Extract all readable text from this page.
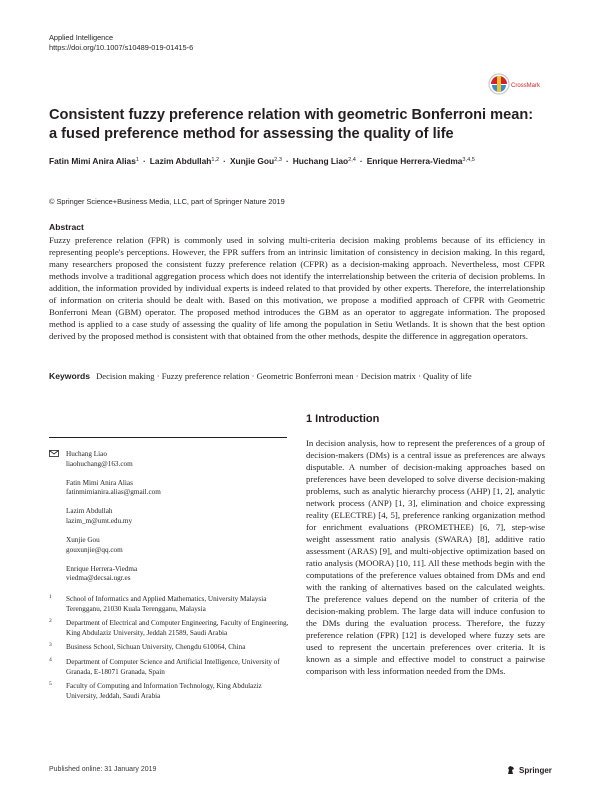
Applied Intelligence
https://doi.org/10.1007/s10489-019-01415-6
CrossMark
Consistent fuzzy preference relation with geometric Bonferroni mean:
a fused preference method for assessing the quality of life
Fatin Mimi Anira Alias$^1$ · Lazim Abdullah$^{1,2}$ · Xunjie Gou$^{2,3}$ · Huchang Liao$^{2,4}$ · Enrique Herrera-Viedma$^{3,4,5}$
© Springer Science+Business Media, LLC, part of Springer Nature 2019
Abstract
Fuzzy preference relation (FPR) is commonly used in solving multi-criteria decision making problems because of its efficiency in representing people's perceptions. However, the FPR suffers from an intrinsic limitation of consistency in decision making. In this regard, many researchers proposed the consistent fuzzy preference relation (CFPR) as a decision-making approach. Nevertheless, most CFPR methods involve a traditional aggregation process which does not identify the interrelationship between the criteria of decision problems. In addition, the information provided by individual experts is indeed related to that provided by other experts. Therefore, the interrelationship of information on criteria should be dealt with. Based on this motivation, we propose a modified approach of CFPR with Geometric Bonferroni Mean (GBM) operator. The proposed method introduces the GBM as an operator to aggregate information. The proposed method is applied to a case study of assessing the quality of life among the population in Setiu Wetlands. It is shown that the best option derived by the proposed method is consistent with that obtained from the other methods, despite the difference in aggregation operators.
Keywords Decision making · Fuzzy preference relation · Geometric Bonferroni mean · Decision matrix · Quality of life
1 Introduction
In decision analysis, how to represent the preferences of a group of decision-makers (DMs) is a central issue as preferences are always disputable. A number of decision-making approaches based on preferences have been developed to solve diverse decision-making problems, such as analytic hierarchy process (AHP) [1, 2], analytic network process (ANP) [1, 3], elimination and choice expressing reality (ELECTRE) [4, 5], preference ranking organization method for enrichment evaluations (PROMETHEE) [6, 7], step-wise weight assessment ratio analysis (SWARA) [8], additive ratio assessment (ARAS) [9], and multi-objective optimization based on ratio analysis (MOORA) [10, 11]. All these methods begin with the computations of the preference values obtained from DMs and end with the ranking of alternatives based on the calculated weights. The preference values depend on the number of criteria of the decision-making problem. The large data will induce confusion to the DMs during the evaluation process. Therefore, the fuzzy preference relation (FPR) [12] is developed where fuzzy sets are used to represent the uncertain preferences over criteria. It is known as a simple and effective model to construct a pairwise comparison with less information needed from the DMs.
Huchang Liao
liaohuchang@163.com
Fatin Mimi Anira Alias
fatinmimianira.alias@gmail.com
Lazim Abdullah
lazim_m@umt.edu.my
Xunjie Gou
gouxunjie@qq.com
Enrique Herrera-Viedma
viedma@decsai.ugr.es
1	School of Informatics and Applied Mathematics, University Malaysia Terengganu, 21030 Kuala Terengganu, Malaysia
2	Department of Electrical and Computer Engineering, Faculty of Engineering, King Abdulaziz University, Jeddah 21589, Saudi Arabia
3	Business School, Sichuan University, Chengdu 610064, China
4	Department of Computer Science and Artificial Intelligence, University of Granada, E-18071 Granada, Spain
5	Faculty of Computing and Information Technology, King Abdulaziz University, Jeddah, Saudi Arabia
Published online: 31 January 2019	Springer
